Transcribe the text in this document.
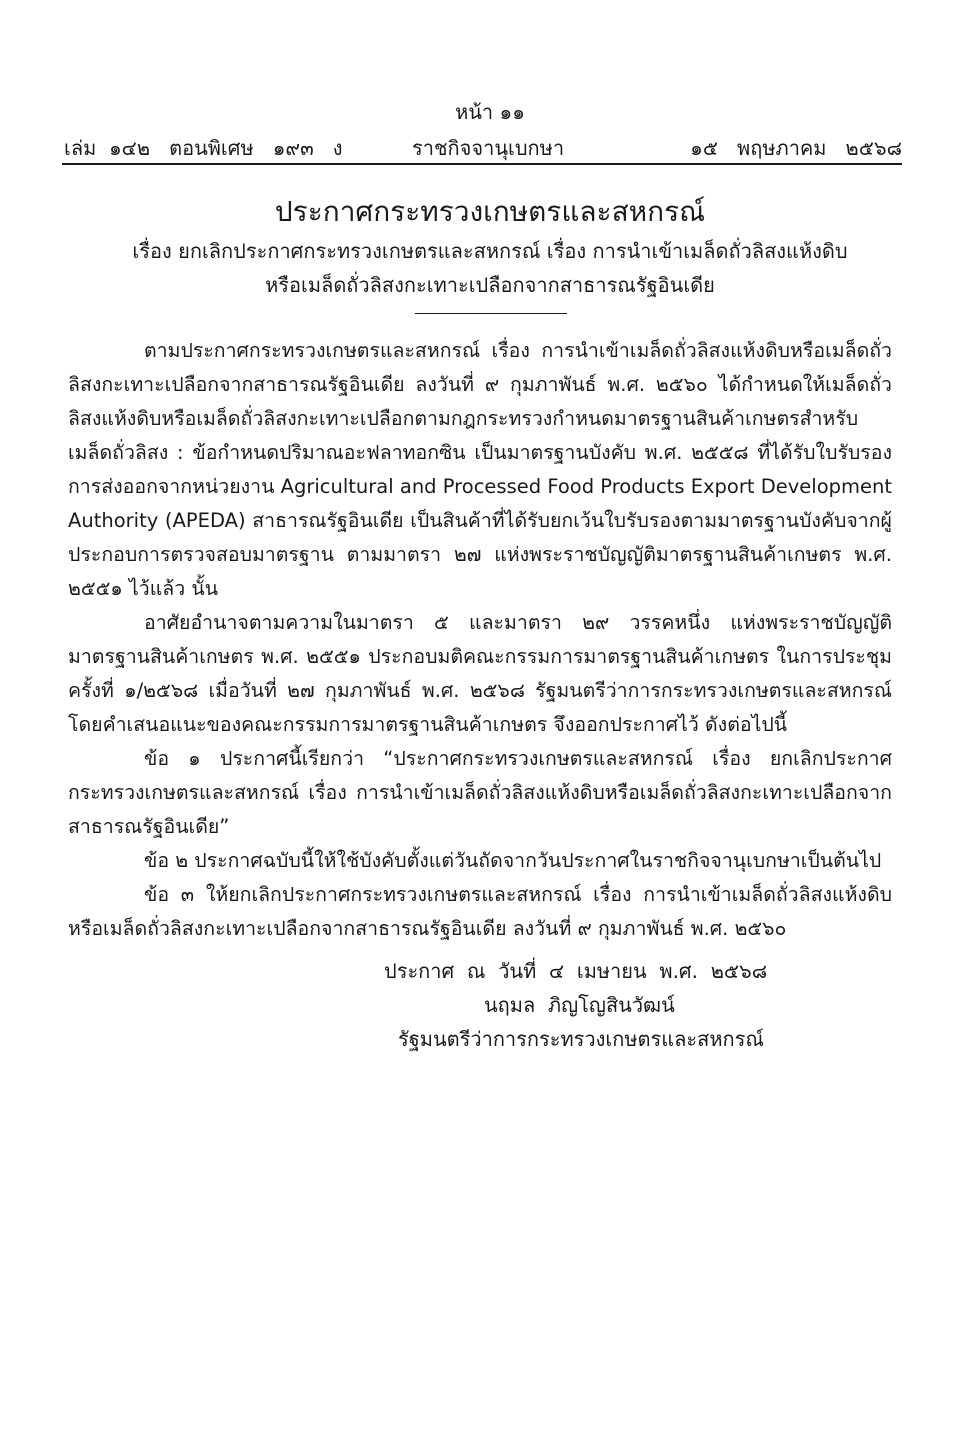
หน้า ๑๑
เล่ม  ๑๔๒   ตอนพิเศษ   ๑๙๓   ง	ราชกิจจานุเบกษา	๑๕   พฤษภาคม   ๒๕๖๘
ประกาศกระทรวงเกษตรและสหกรณ์
เรื่อง ยกเลิกประกาศกระทรวงเกษตรและสหกรณ์ เรื่อง การนำเข้าเมล็ดถั่วลิสงแห้งดิบ
หรือเมล็ดถั่วลิสงกะเทาะเปลือกจากสาธารณรัฐอินเดีย

ตามประกาศกระทรวงเกษตรและสหกรณ์ เรื่อง การนำเข้าเมล็ดถั่วลิสงแห้งดิบหรือเมล็ดถั่วลิสงกะเทาะเปลือกจากสาธารณรัฐอินเดีย ลงวันที่ ๙ กุมภาพันธ์ พ.ศ. ๒๕๖๐ ได้กำหนดให้เมล็ดถั่วลิสงแห้งดิบหรือเมล็ดถั่วลิสงกะเทาะเปลือกตามกฎกระทรวงกำหนดมาตรฐานสินค้าเกษตรสำหรับเมล็ดถั่วลิสง : ข้อกำหนดปริมาณอะฟลาทอกซิน เป็นมาตรฐานบังคับ พ.ศ. ๒๕๕๘ ที่ได้รับใบรับรองการส่งออกจากหน่วยงาน Agricultural and Processed Food Products Export Development Authority (APEDA) สาธารณรัฐอินเดีย เป็นสินค้าที่ได้รับยกเว้นใบรับรองตามมาตรฐานบังคับจากผู้ประกอบการตรวจสอบมาตรฐาน ตามมาตรา ๒๗ แห่งพระราชบัญญัติมาตรฐานสินค้าเกษตร พ.ศ. ๒๕๕๑ ไว้แล้ว นั้น

อาศัยอำนาจตามความในมาตรา ๕ และมาตรา ๒๙ วรรคหนึ่ง แห่งพระราชบัญญัติมาตรฐานสินค้าเกษตร พ.ศ. ๒๕๕๑ ประกอบมติคณะกรรมการมาตรฐานสินค้าเกษตร ในการประชุมครั้งที่ ๑/๒๕๖๘ เมื่อวันที่ ๒๗ กุมภาพันธ์ พ.ศ. ๒๕๖๘ รัฐมนตรีว่าการกระทรวงเกษตรและสหกรณ์โดยคำเสนอแนะของคณะกรรมการมาตรฐานสินค้าเกษตร จึงออกประกาศไว้ ดังต่อไปนี้

ข้อ ๑ ประกาศนี้เรียกว่า “ประกาศกระทรวงเกษตรและสหกรณ์ เรื่อง ยกเลิกประกาศกระทรวงเกษตรและสหกรณ์ เรื่อง การนำเข้าเมล็ดถั่วลิสงแห้งดิบหรือเมล็ดถั่วลิสงกะเทาะเปลือกจากสาธารณรัฐอินเดีย”

ข้อ ๒ ประกาศฉบับนี้ให้ใช้บังคับตั้งแต่วันถัดจากวันประกาศในราชกิจจานุเบกษาเป็นต้นไป

ข้อ ๓ ให้ยกเลิกประกาศกระทรวงเกษตรและสหกรณ์ เรื่อง การนำเข้าเมล็ดถั่วลิสงแห้งดิบหรือเมล็ดถั่วลิสงกะเทาะเปลือกจากสาธารณรัฐอินเดีย ลงวันที่ ๙ กุมภาพันธ์ พ.ศ. ๒๕๖๐

ประกาศ  ณ  วันที่  ๔  เมษายน  พ.ศ.  ๒๕๖๘
นฤมล  ภิญโญสินวัฒน์
รัฐมนตรีว่าการกระทรวงเกษตรและสหกรณ์
